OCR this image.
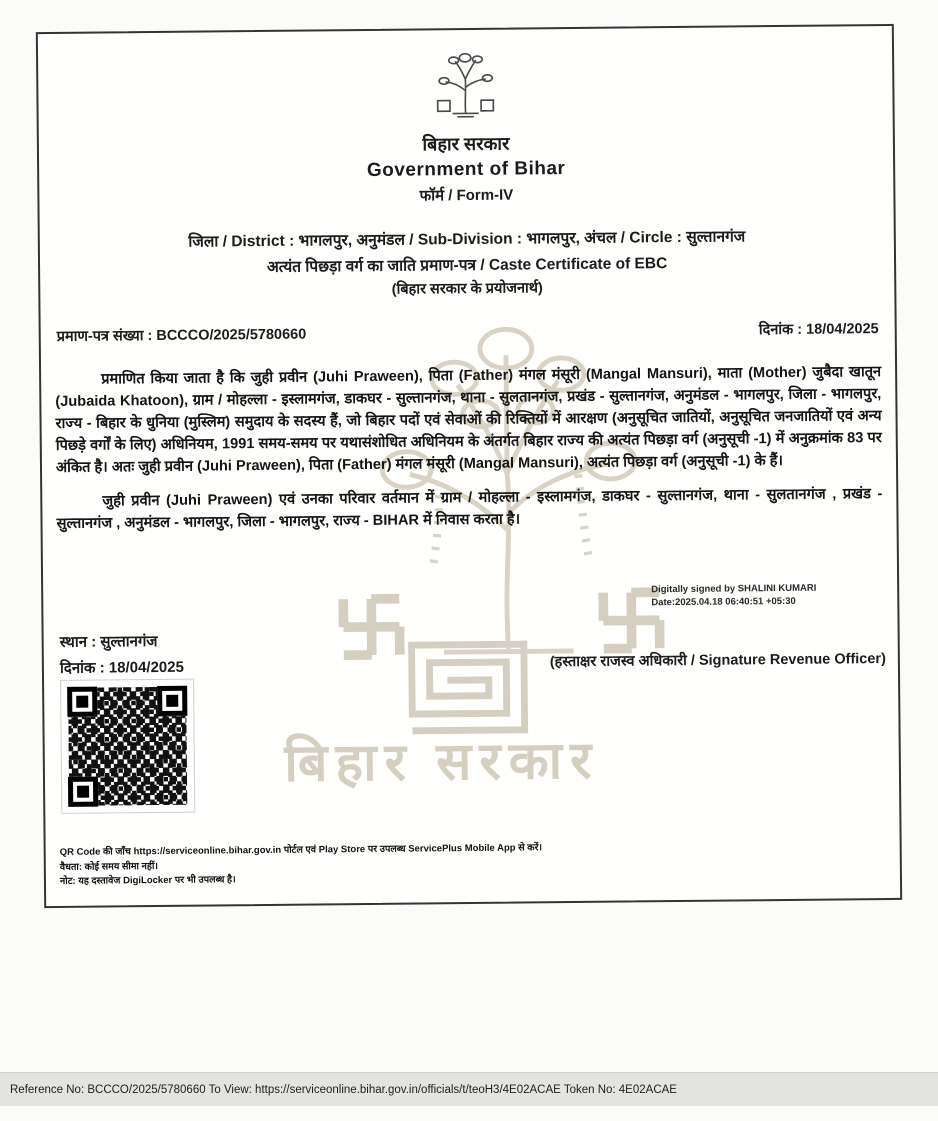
बिहार सरकार
बिहार सरकार
Government of Bihar
फॉर्म / Form-IV
जिला / District : भागलपुर, अनुमंडल / Sub-Division : भागलपुर, अंचल / Circle : सुल्तानगंज
अत्यंत पिछड़ा वर्ग का जाति प्रमाण-पत्र / Caste Certificate of EBC
(बिहार सरकार के प्रयोजनार्थ)
प्रमाण-पत्र संख्या : BCCCO/2025/5780660	दिनांक : 18/04/2025

प्रमाणित किया जाता है कि जुही प्रवीन (Juhi Praween), पिता (Father) मंगल मंसूरी (Mangal Mansuri), माता (Mother) जुबैदा खातून (Jubaida Khatoon), ग्राम / मोहल्ला - इस्लामगंज, डाकघर - सुल्तानगंज, थाना - सुलतानगंज, प्रखंड - सुल्तानगंज, अनुमंडल - भागलपुर, जिला - भागलपुर, राज्य - बिहार के धुनिया (मुस्लिम) समुदाय के सदस्य हैं, जो बिहार पदों एवं सेवाओं की रिक्तियों में आरक्षण (अनुसूचित जातियों, अनुसूचित जनजातियों एवं अन्य पिछड़े वर्गों के लिए) अधिनियम, 1991 समय-समय पर यथासंशोधित अधिनियम के अंतर्गत बिहार राज्य की अत्यंत पिछड़ा वर्ग (अनुसूची -1) में अनुक्रमांक 83 पर अंकित है। अतः जुही प्रवीन (Juhi Praween), पिता (Father) मंगल मंसूरी (Mangal Mansuri), अत्यंत पिछड़ा वर्ग (अनुसूची -1) के हैं।

जुही प्रवीन (Juhi Praween) एवं उनका परिवार वर्तमान में ग्राम / मोहल्ला - इस्लामगंज, डाकघर - सुल्तानगंज, थाना - सुलतानगंज , प्रखंड - सुल्तानगंज , अनुमंडल - भागलपुर, जिला - भागलपुर, राज्य - BIHAR में निवास करता है।

Digitally signed by SHALINI KUMARI
Date:2025.04.18 06:40:51 +05:30
स्थान : सुल्तानगंज
दिनांक : 18/04/2025	(हस्ताक्षर राजस्व अधिकारी / Signature Revenue Officer)
QR Code की जाँच https://serviceonline.bihar.gov.in पोर्टल एवं Play Store पर उपलब्ध ServicePlus Mobile App से करें।
वैधता: कोई समय सीमा नहीं।
नोट: यह दस्तावेज DigiLocker पर भी उपलब्ध है।
Reference No: BCCCO/2025/5780660 To View: https://serviceonline.bihar.gov.in/officials/t/teoH3/4E02ACAE Token No: 4E02ACAE
